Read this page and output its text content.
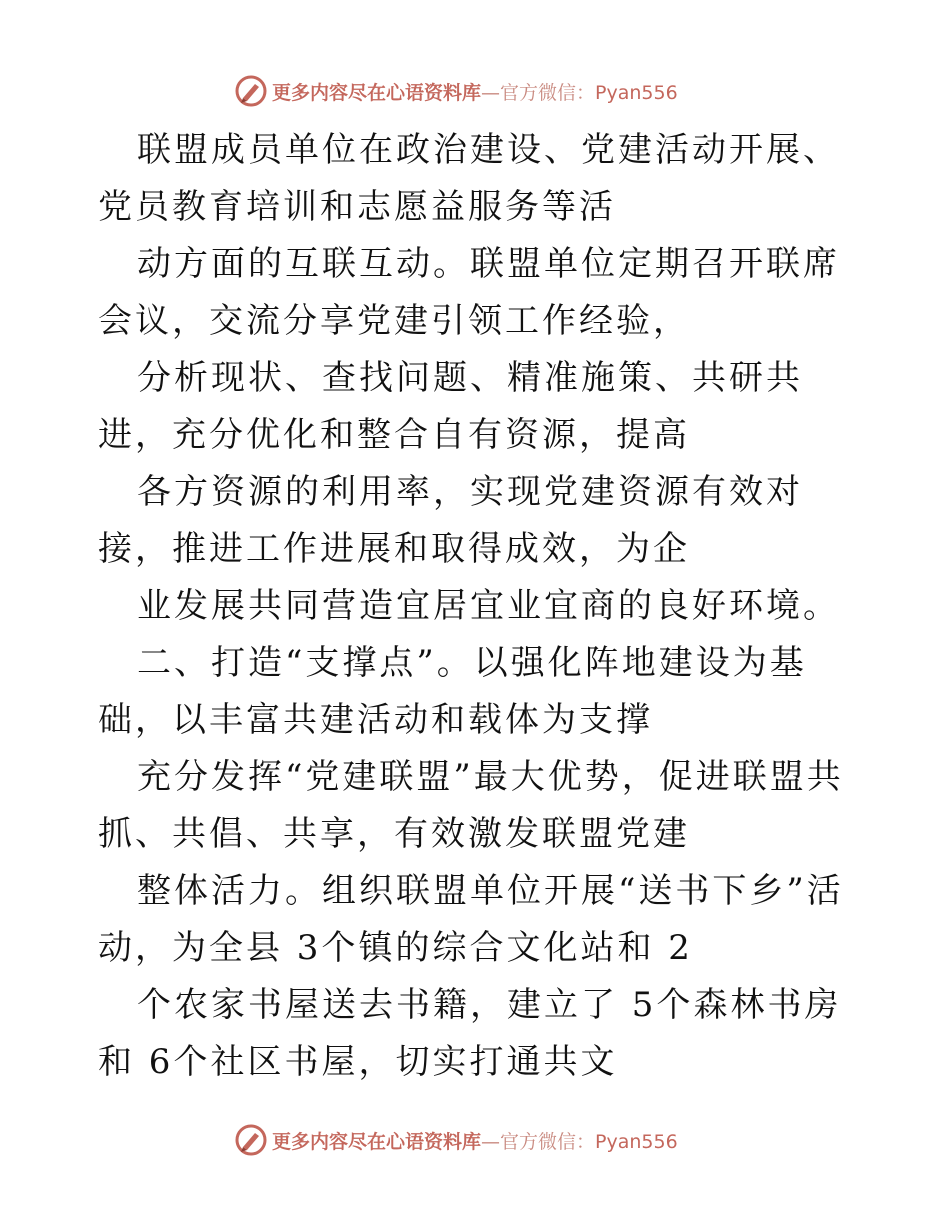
更多内容尽在心语资料库—官方微信：Pyan556

联盟成员单位在政治建设、党建活动开展、党员教育培训和志愿益服务等活

动方面的互联互动。联盟单位定期召开联席会议，交流分享党建引领工作经验，

分析现状、查找问题、精准施策、共研共进，充分优化和整合自有资源，提高

各方资源的利用率，实现党建资源有效对接，推进工作进展和取得成效，为企

业发展共同营造宜居宜业宜商的良好环境。

二、打造“支撑点”。以强化阵地建设为基础，以丰富共建活动和载体为支撑

充分发挥“党建联盟”最大优势，促进联盟共抓、共倡、共享，有效激发联盟党建

整体活力。组织联盟单位开展“送书下乡”活动，为全县 3个镇的综合文化站和 2

个农家书屋送去书籍，建立了 5个森林书房和 6个社区书屋，切实打通共文

更多内容尽在心语资料库—官方微信：Pyan556
